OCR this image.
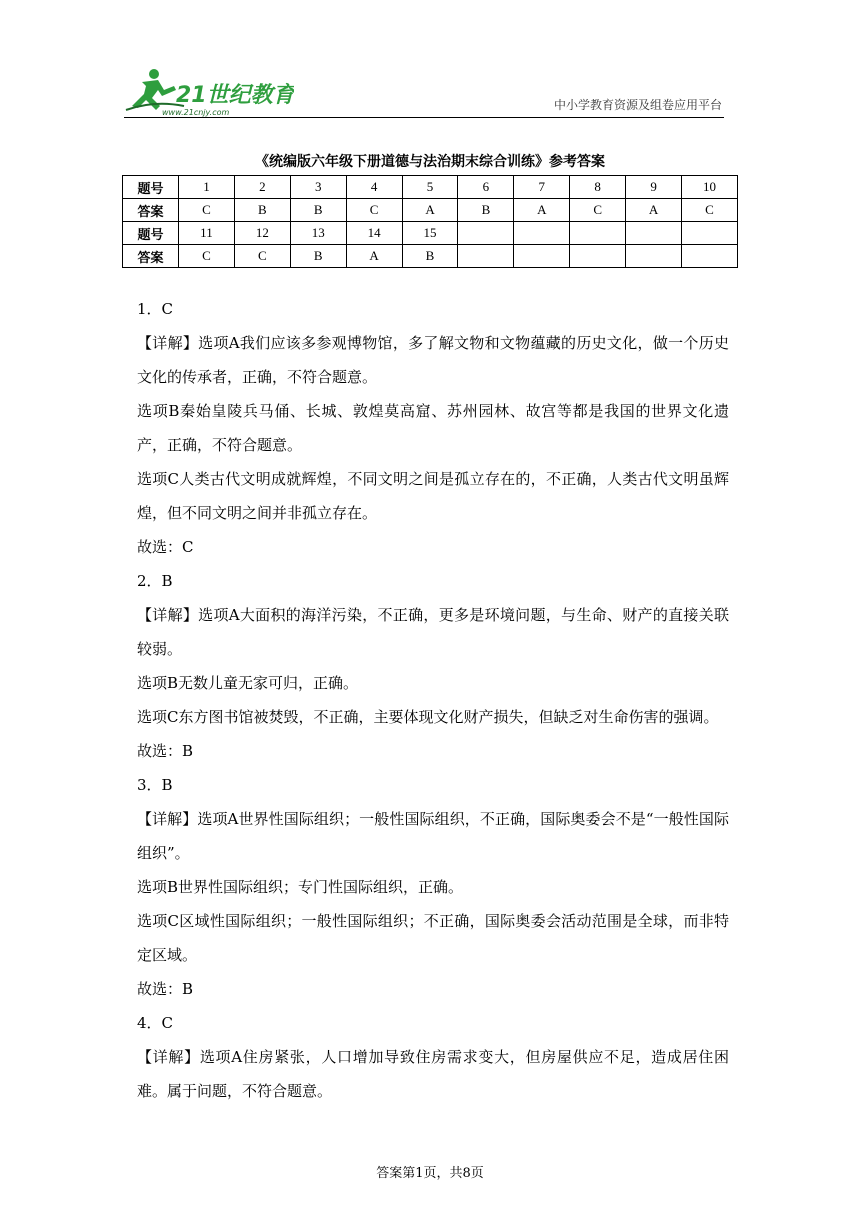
21世纪教育
www.21cnjy.com
中小学教育资源及组卷应用平台
《统编版六年级下册道德与法治期末综合训练》参考答案
题号	1	2	3	4	5	6	7	8	9	10
答案	C	B	B	C	A	B	A	C	A	C
题号	11	12	13	14	15					
答案	C	C	B	A	B					

1．C

【详解】选项A我们应该多参观博物馆，多了解文物和文物蕴藏的历史文化，做一个历史文化的传承者，正确，不符合题意。

选项B秦始皇陵兵马俑、长城、敦煌莫高窟、苏州园林、故宫等都是我国的世界文化遗产，正确，不符合题意。

选项C人类古代文明成就辉煌，不同文明之间是孤立存在的，不正确，人类古代文明虽辉煌，但不同文明之间并非孤立存在。

故选：C

2．B

【详解】选项A大面积的海洋污染，不正确，更多是环境问题，与生命、财产的直接关联较弱。

选项B无数儿童无家可归，正确。

选项C东方图书馆被焚毁，不正确，主要体现文化财产损失，但缺乏对生命伤害的强调。

故选：B

3．B

【详解】选项A世界性国际组织；一般性国际组织，不正确，国际奥委会不是“一般性国际组织”。

选项B世界性国际组织；专门性国际组织，正确。

选项C区域性国际组织；一般性国际组织；不正确，国际奥委会活动范围是全球，而非特定区域。

故选：B

4．C

【详解】选项A住房紧张，人口增加导致住房需求变大，但房屋供应不足，造成居住困难。属于问题，不符合题意。

答案第1页，共8页
